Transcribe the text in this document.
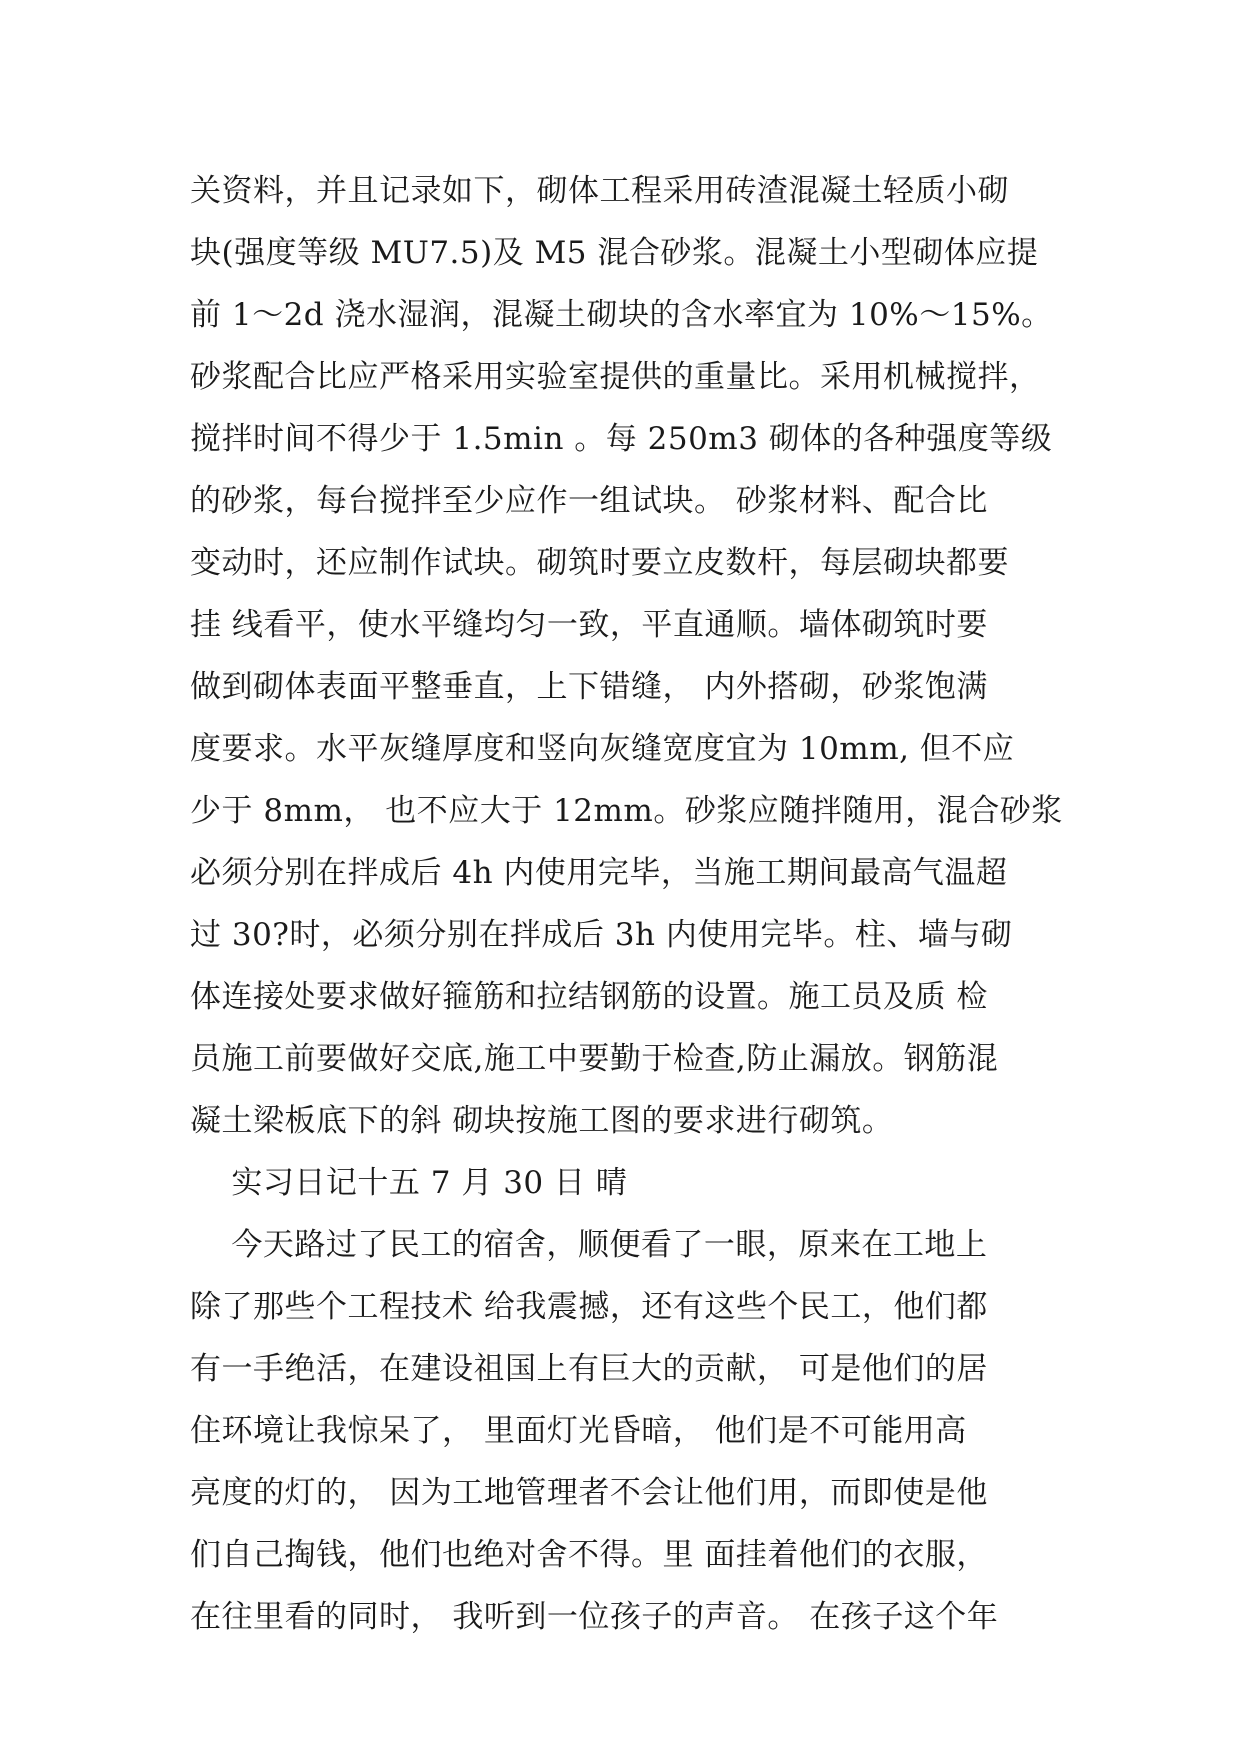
关资料，并且记录如下，砌体工程采用砖渣混凝土轻质小砌
块(强度等级 MU7.5)及 M5 混合砂浆。混凝土小型砌体应提
前 1～2d 浇水湿润，混凝土砌块的含水率宜为 10%～15%。
砂浆配合比应严格采用实验室提供的重量比。采用机械搅拌，
搅拌时间不得少于 1.5min 。每 250m3 砌体的各种强度等级
的砂浆，每台搅拌至少应作一组试块。 砂浆材料、配合比
变动时，还应制作试块。砌筑时要立皮数杆，每层砌块都要
挂 线看平，使水平缝均匀一致，平直通顺。墙体砌筑时要
做到砌体表面平整垂直，上下错缝， 内外搭砌，砂浆饱满
度要求。水平灰缝厚度和竖向灰缝宽度宜为 10mm, 但不应
少于 8mm， 也不应大于 12mm。砂浆应随拌随用，混合砂浆
必须分别在拌成后 4h 内使用完毕，当施工期间最高气温超
过 30?时，必须分别在拌成后 3h 内使用完毕。柱、墙与砌
体连接处要求做好箍筋和拉结钢筋的设置。施工员及质 检
员施工前要做好交底,施工中要勤于检查,防止漏放。钢筋混
凝土梁板底下的斜 砌块按施工图的要求进行砌筑。
实习日记十五 7 月 30 日 晴
今天路过了民工的宿舍，顺便看了一眼，原来在工地上
除了那些个工程技术 给我震撼，还有这些个民工，他们都
有一手绝活，在建设祖国上有巨大的贡献， 可是他们的居
住环境让我惊呆了， 里面灯光昏暗， 他们是不可能用高
亮度的灯的， 因为工地管理者不会让他们用，而即使是他
们自己掏钱，他们也绝对舍不得。里 面挂着他们的衣服，
在往里看的同时， 我听到一位孩子的声音。 在孩子这个年
